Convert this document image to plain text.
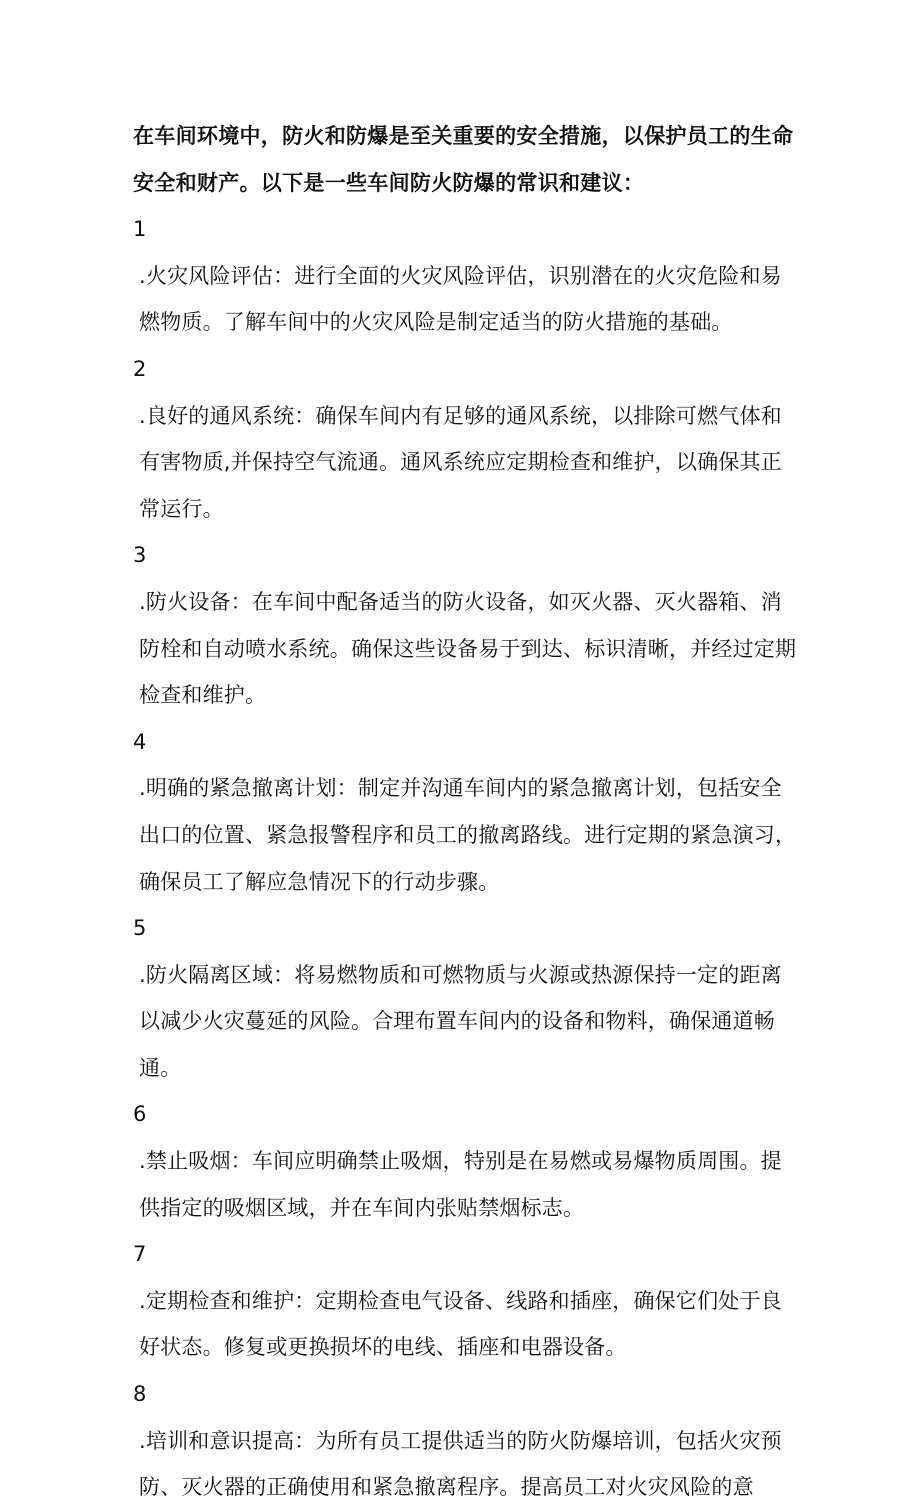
在车间环境中，防火和防爆是至关重要的安全措施，以保护员工的生命安全和财产。以下是一些车间防火防爆的常识和建议：

1.火灾风险评估：进行全面的火灾风险评估，识别潜在的火灾危险和易燃物质。了解车间中的火灾风险是制定适当的防火措施的基础。

2.良好的通风系统：确保车间内有足够的通风系统，以排除可燃气体和有害物质,并保持空气流通。通风系统应定期检查和维护，以确保其正常运行。

3.防火设备：在车间中配备适当的防火设备，如灭火器、灭火器箱、消防栓和自动喷水系统。确保这些设备易于到达、标识清晰，并经过定期检查和维护。

4.明确的紧急撤离计划：制定并沟通车间内的紧急撤离计划，包括安全出口的位置、紧急报警程序和员工的撤离路线。进行定期的紧急演习，确保员工了解应急情况下的行动步骤。

5.防火隔离区域：将易燃物质和可燃物质与火源或热源保持一定的距离以减少火灾蔓延的风险。合理布置车间内的设备和物料，确保通道畅通。

6.禁止吸烟：车间应明确禁止吸烟，特别是在易燃或易爆物质周围。提供指定的吸烟区域，并在车间内张贴禁烟标志。

7.定期检查和维护：定期检查电气设备、线路和插座，确保它们处于良好状态。修复或更换损坏的电线、插座和电器设备。

8.培训和意识提高：为所有员工提供适当的防火防爆培训，包括火灾预防、灭火器的正确使用和紧急撤离程序。提高员工对火灾风险的意
